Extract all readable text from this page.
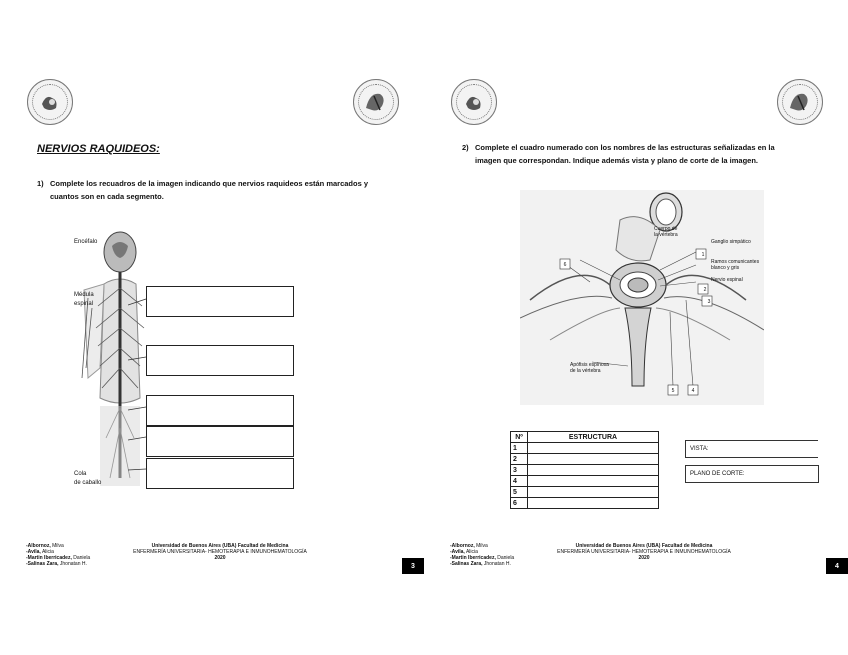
NERVIOS RAQUIDEOS:
1) Complete los recuadros de la imagen indicando que nervios raquideos están marcados y
cuantos son en cada segmento.
Encéfalo
Médula
espinal
Cola
de caballo
-Albornoz, Milva
-Avila, Alicia
-Martin Iberricadez, Daniela
-Salinas Zara, Jhonatan H.
Universidad de Buenos Aires (UBA) Facultad de Medicina
ENFERMERÍA UNIVERSITARIA- HEMOTERAPIA E INMUNOHEMATOLOGÍA
2020
3
2) Complete el cuadro numerado con los nombres de las estructuras señalizadas en la
imagen que correspondan. Indique además vista y plano de corte de la imagen.
Cuerpo de
la vértebra
Ganglio simpático
Ramos comunicantes
blanco y gris
Nervio espinal
Apófisis espinosa
de la vértebra
1
2
3
4
5
6
Nº	ESTRUCTURA
1	
2	
3	
4	
5	
6	
VISTA:
PLANO DE CORTE:
-Albornoz, Milva
-Avila, Alicia
-Martin Iberricadez, Daniela
-Salinas Zara, Jhonatan H.
Universidad de Buenos Aires (UBA) Facultad de Medicina
ENFERMERÍA UNIVERSITARIA- HEMOTERAPIA E INMUNOHEMATOLOGÍA
2020
4
